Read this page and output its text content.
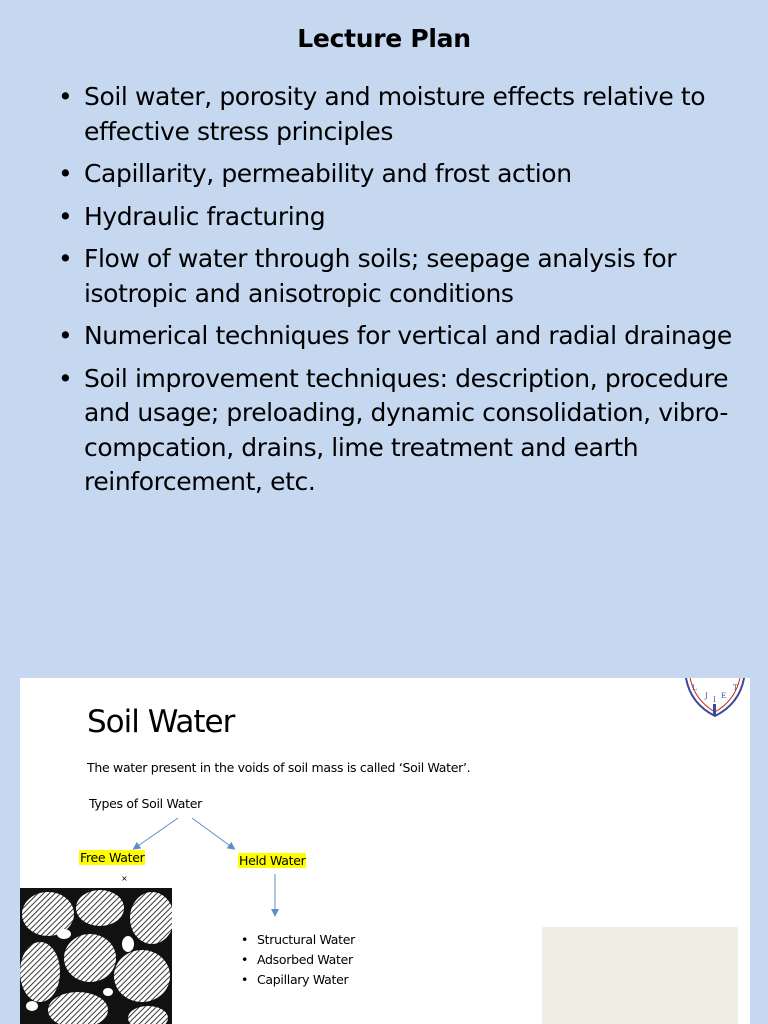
Lecture Plan
• Soil water, porosity and moisture effects relative to effective stress principles
• Capillarity, permeability and frost action
• Hydraulic fracturing
• Flow of water through soils; seepage analysis for isotropic and anisotropic conditions
• Numerical techniques for vertical and radial drainage
• Soil improvement techniques: description, procedure and usage; preloading, dynamic consolidation, vibro-compcation, drains, lime treatment and earth reinforcement, etc.
L
J I E
T
Soil Water
The water present in the voids of soil mass is called ‘Soil Water’.
Types of Soil Water
Free Water	Held Water
×
• Structural Water
• Adsorbed Water
• Capillary Water
